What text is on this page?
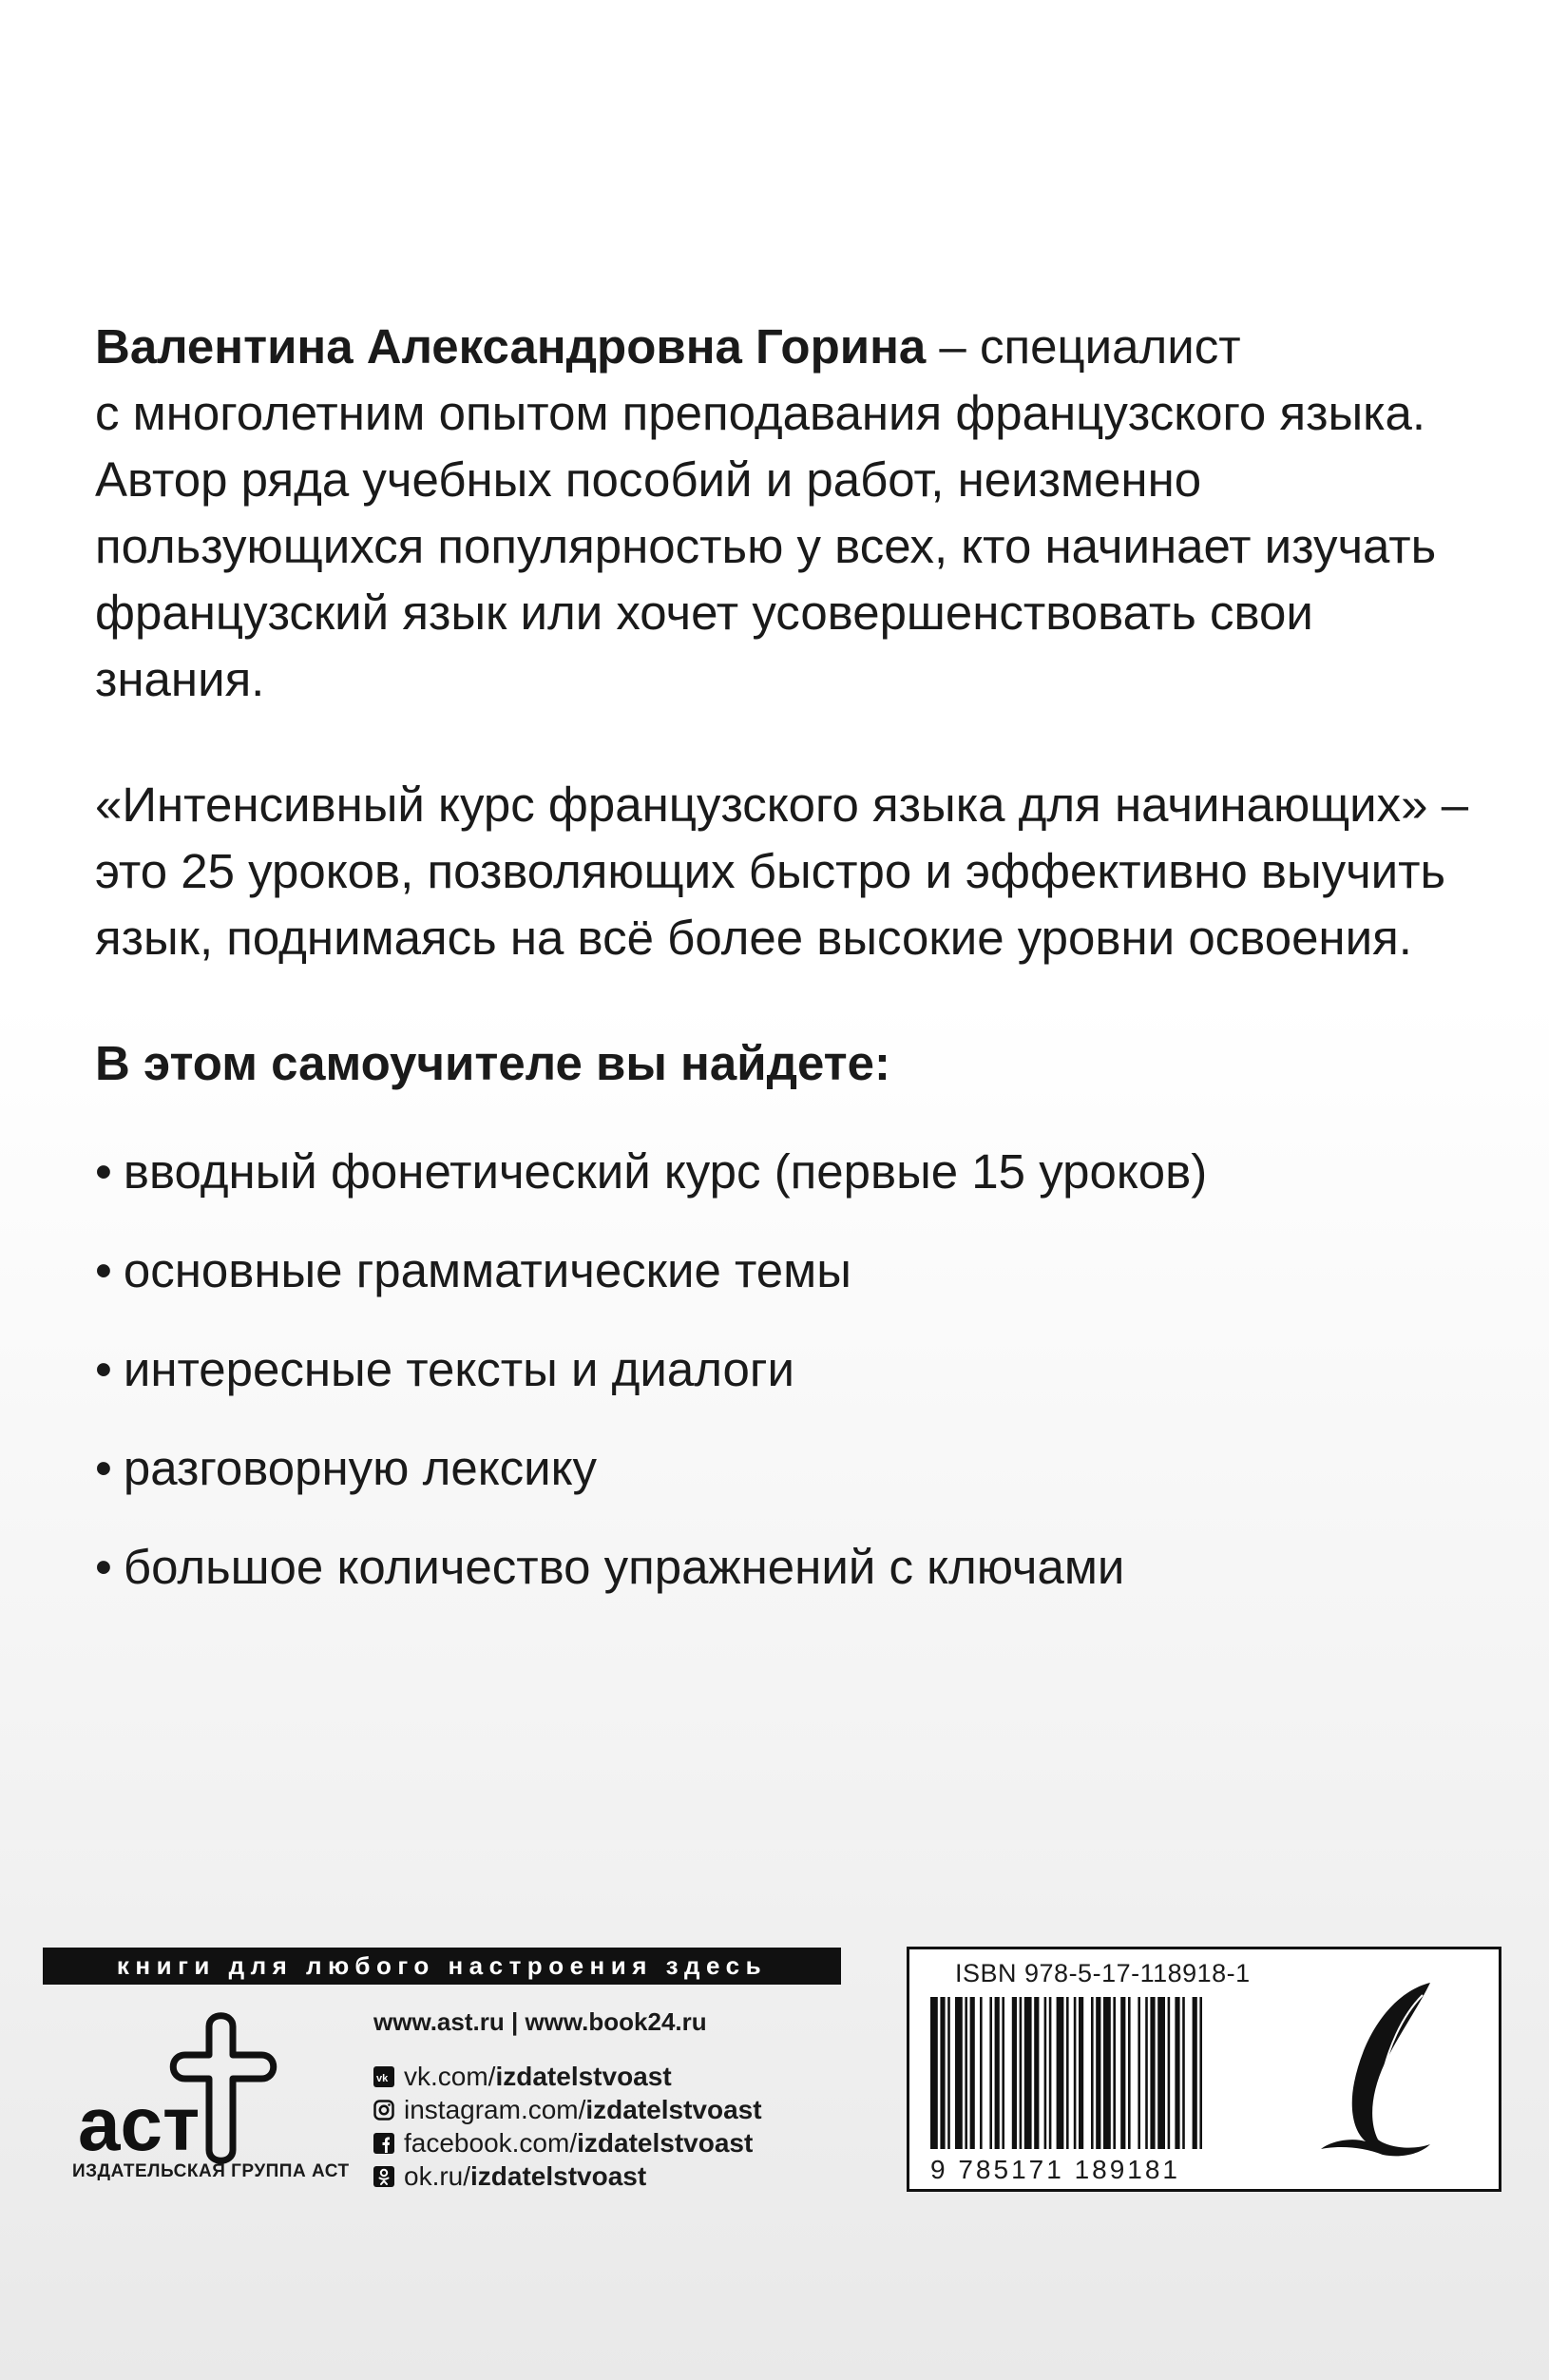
Валентина Александровна Горина – специалист
с многолетним опытом преподавания французского языка.
Автор ряда учебных пособий и работ, неизменно
пользующихся популярностью у всех, кто начинает изучать
французский язык или хочет усовершенствовать свои знания.

«Интенсивный курс французского языка для начинающих» –
это 25 уроков, позволяющих быстро и эффективно выучить
язык, поднимаясь на всё более высокие уровни освоения.

В этом самоучителе вы найдете:

• вводный фонетический курс (первые 15 уроков)
• основные грамматические темы
• интересные тексты и диалоги
• разговорную лексику
• большое количество упражнений с ключами
книги для любого настроения здесь
аст
ИЗДАТЕЛЬСКАЯ ГРУППА АСТ
www.ast.ru | www.book24.ru
vk vk.com/ izdatelstvoast
instagram.com/ izdatelstvoast
facebook.com/ izdatelstvoast
ok.ru/ izdatelstvoast
ISBN 978-5-17-118918-1
9 785171 189181
